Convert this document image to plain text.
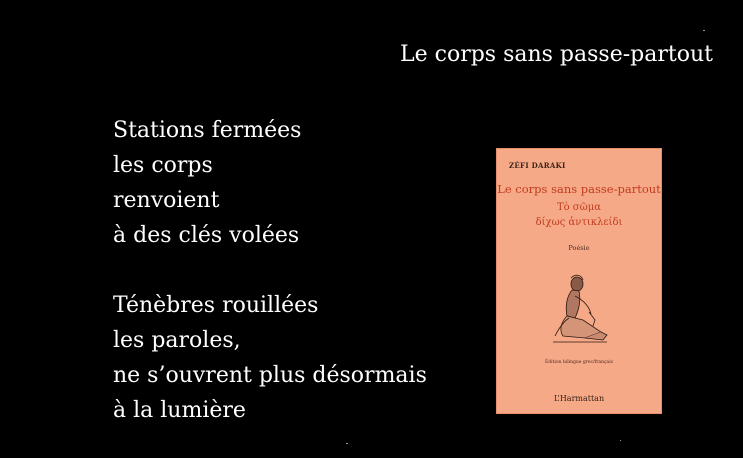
Le corps sans passe-partout
Stations fermées
les corps
renvoient
à des clés volées
Ténèbres rouillées
les paroles,
ne s’ouvrent plus désormais
à la lumière
ZÉFI DARAKI
Le corps sans passe-partout
Tὸ σῶμα
δίχως ἀντικλείδι
Poésie
Édition bilingue grec/français
L’Harmattan
